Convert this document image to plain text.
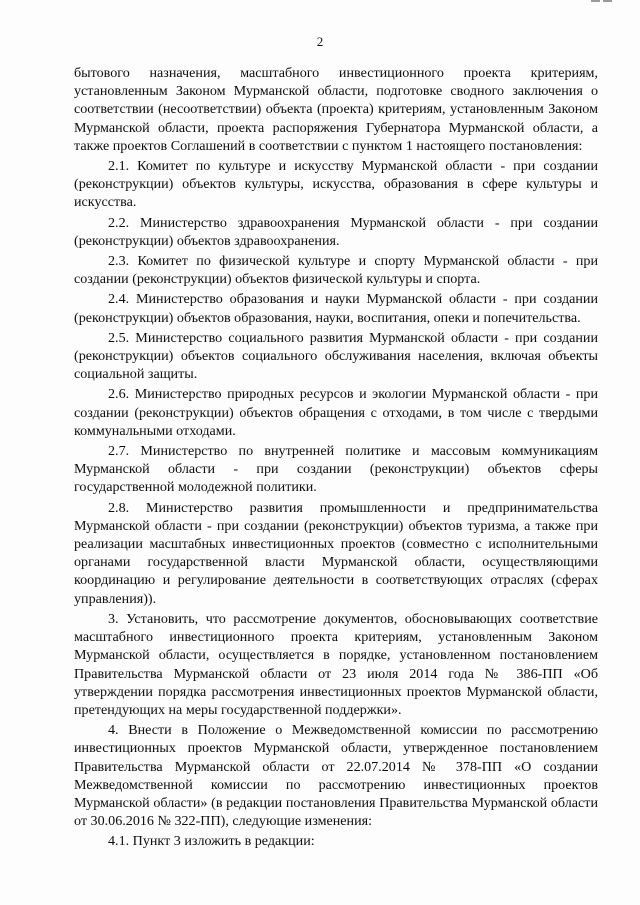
2

бытового назначения, масштабного инвестиционного проекта критериям, установленным Законом Мурманской области, подготовке сводного заключения о соответствии (несоответствии) объекта (проекта) критериям, установленным Законом Мурманской области, проекта распоряжения Губернатора Мурманской области, а также проектов Соглашений в соответствии с пунктом 1 настоящего постановления:

2.1. Комитет по культуре и искусству Мурманской области - при создании (реконструкции) объектов культуры, искусства, образования в сфере культуры и искусства.

2.2. Министерство здравоохранения Мурманской области - при создании (реконструкции) объектов здравоохранения.

2.3. Комитет по физической культуре и спорту Мурманской области - при создании (реконструкции) объектов физической культуры и спорта.

2.4. Министерство образования и науки Мурманской области - при создании (реконструкции) объектов образования, науки, воспитания, опеки и попечительства.

2.5. Министерство социального развития Мурманской области - при создании (реконструкции) объектов социального обслуживания населения, включая объекты социальной защиты.

2.6. Министерство природных ресурсов и экологии Мурманской области - при создании (реконструкции) объектов обращения с отходами, в том числе с твердыми коммунальными отходами.

2.7. Министерство по внутренней политике и массовым коммуникациям Мурманской области - при создании (реконструкции) объектов сферы государственной молодежной политики.

2.8. Министерство развития промышленности и предпринимательства Мурманской области - при создании (реконструкции) объектов туризма, а также при реализации масштабных инвестиционных проектов (совместно с исполнительными органами государственной власти Мурманской области, осуществляющими координацию и регулирование деятельности в соответствующих отраслях (сферах управления)).

3. Установить, что рассмотрение документов, обосновывающих соответствие масштабного инвестиционного проекта критериям, установленным Законом Мурманской области, осуществляется в порядке, установленном постановлением Правительства Мурманской области от 23 июля 2014 года № 386-ПП «Об утверждении порядка рассмотрения инвестиционных проектов Мурманской области, претендующих на меры государственной поддержки».

4. Внести в Положение о Межведомственной комиссии по рассмотрению инвестиционных проектов Мурманской области, утвержденное постановлением Правительства Мурманской области от 22.07.2014 № 378-ПП «О создании Межведомственной комиссии по рассмотрению инвестиционных проектов Мурманской области» (в редакции постановления Правительства Мурманской области от 30.06.2016 № 322-ПП), следующие изменения:

4.1. Пункт 3 изложить в редакции:
